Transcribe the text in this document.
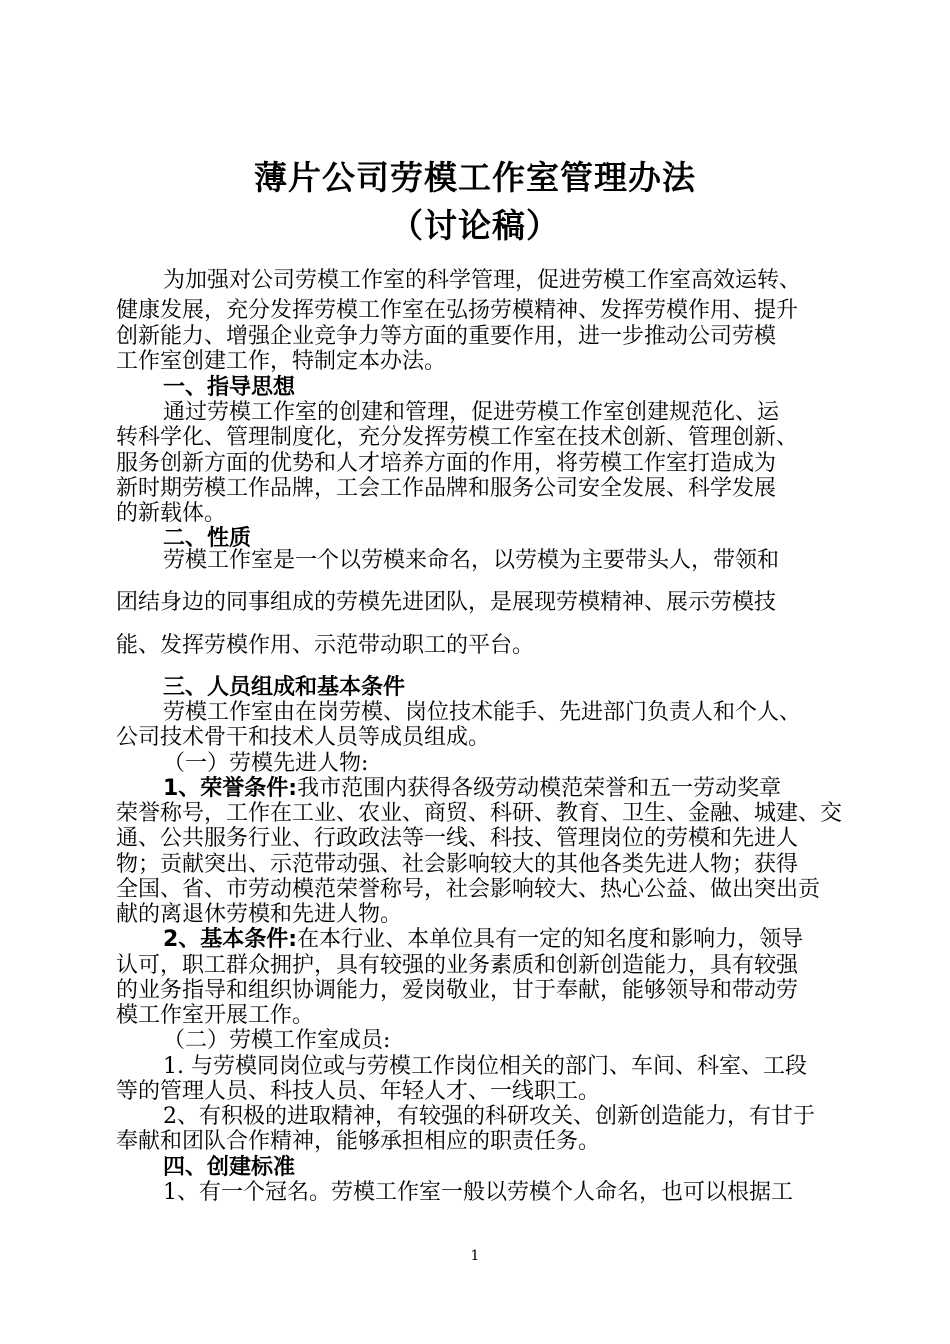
薄片公司劳模工作室管理办法
（讨论稿）
为加强对公司劳模工作室的科学管理，促进劳模工作室高效运转、
健康发展，充分发挥劳模工作室在弘扬劳模精神、发挥劳模作用、提升
创新能力、增强企业竞争力等方面的重要作用，进一步推动公司劳模
工作室创建工作，特制定本办法。
一、指导思想
通过劳模工作室的创建和管理，促进劳模工作室创建规范化、运
转科学化、管理制度化，充分发挥劳模工作室在技术创新、管理创新、
服务创新方面的优势和人才培养方面的作用，将劳模工作室打造成为
新时期劳模工作品牌，工会工作品牌和服务公司安全发展、科学发展
的新载体。
二、性质
劳模工作室是一个以劳模来命名，以劳模为主要带头人，带领和
团结身边的同事组成的劳模先进团队，是展现劳模精神、展示劳模技
能、发挥劳模作用、示范带动职工的平台。
三、人员组成和基本条件
劳模工作室由在岗劳模、岗位技术能手、先进部门负责人和个人、
公司技术骨干和技术人员等成员组成。
（一）劳模先进人物:
1、荣誉条件:我市范围内获得各级劳动模范荣誉和五一劳动奖章
荣誉称号，工作在工业、农业、商贸、科研、教育、卫生、金融、城建、交
通、公共服务行业、行政政法等一线、科技、管理岗位的劳模和先进人
物；贡献突出、示范带动强、社会影响较大的其他各类先进人物；获得
全国、省、市劳动模范荣誉称号，社会影响较大、热心公益、做出突出贡
献的离退休劳模和先进人物。
2、基本条件:在本行业、本单位具有一定的知名度和影响力，领导
认可，职工群众拥护，具有较强的业务素质和创新创造能力，具有较强
的业务指导和组织协调能力，爱岗敬业，甘于奉献，能够领导和带动劳
模工作室开展工作。
（二）劳模工作室成员:
1. 与劳模同岗位或与劳模工作岗位相关的部门、车间、科室、工段
等的管理人员、科技人员、年轻人才、一线职工。
2、有积极的进取精神，有较强的科研攻关、创新创造能力，有甘于
奉献和团队合作精神，能够承担相应的职责任务。
四、创建标准
1、有一个冠名。劳模工作室一般以劳模个人命名，也可以根据工
1
